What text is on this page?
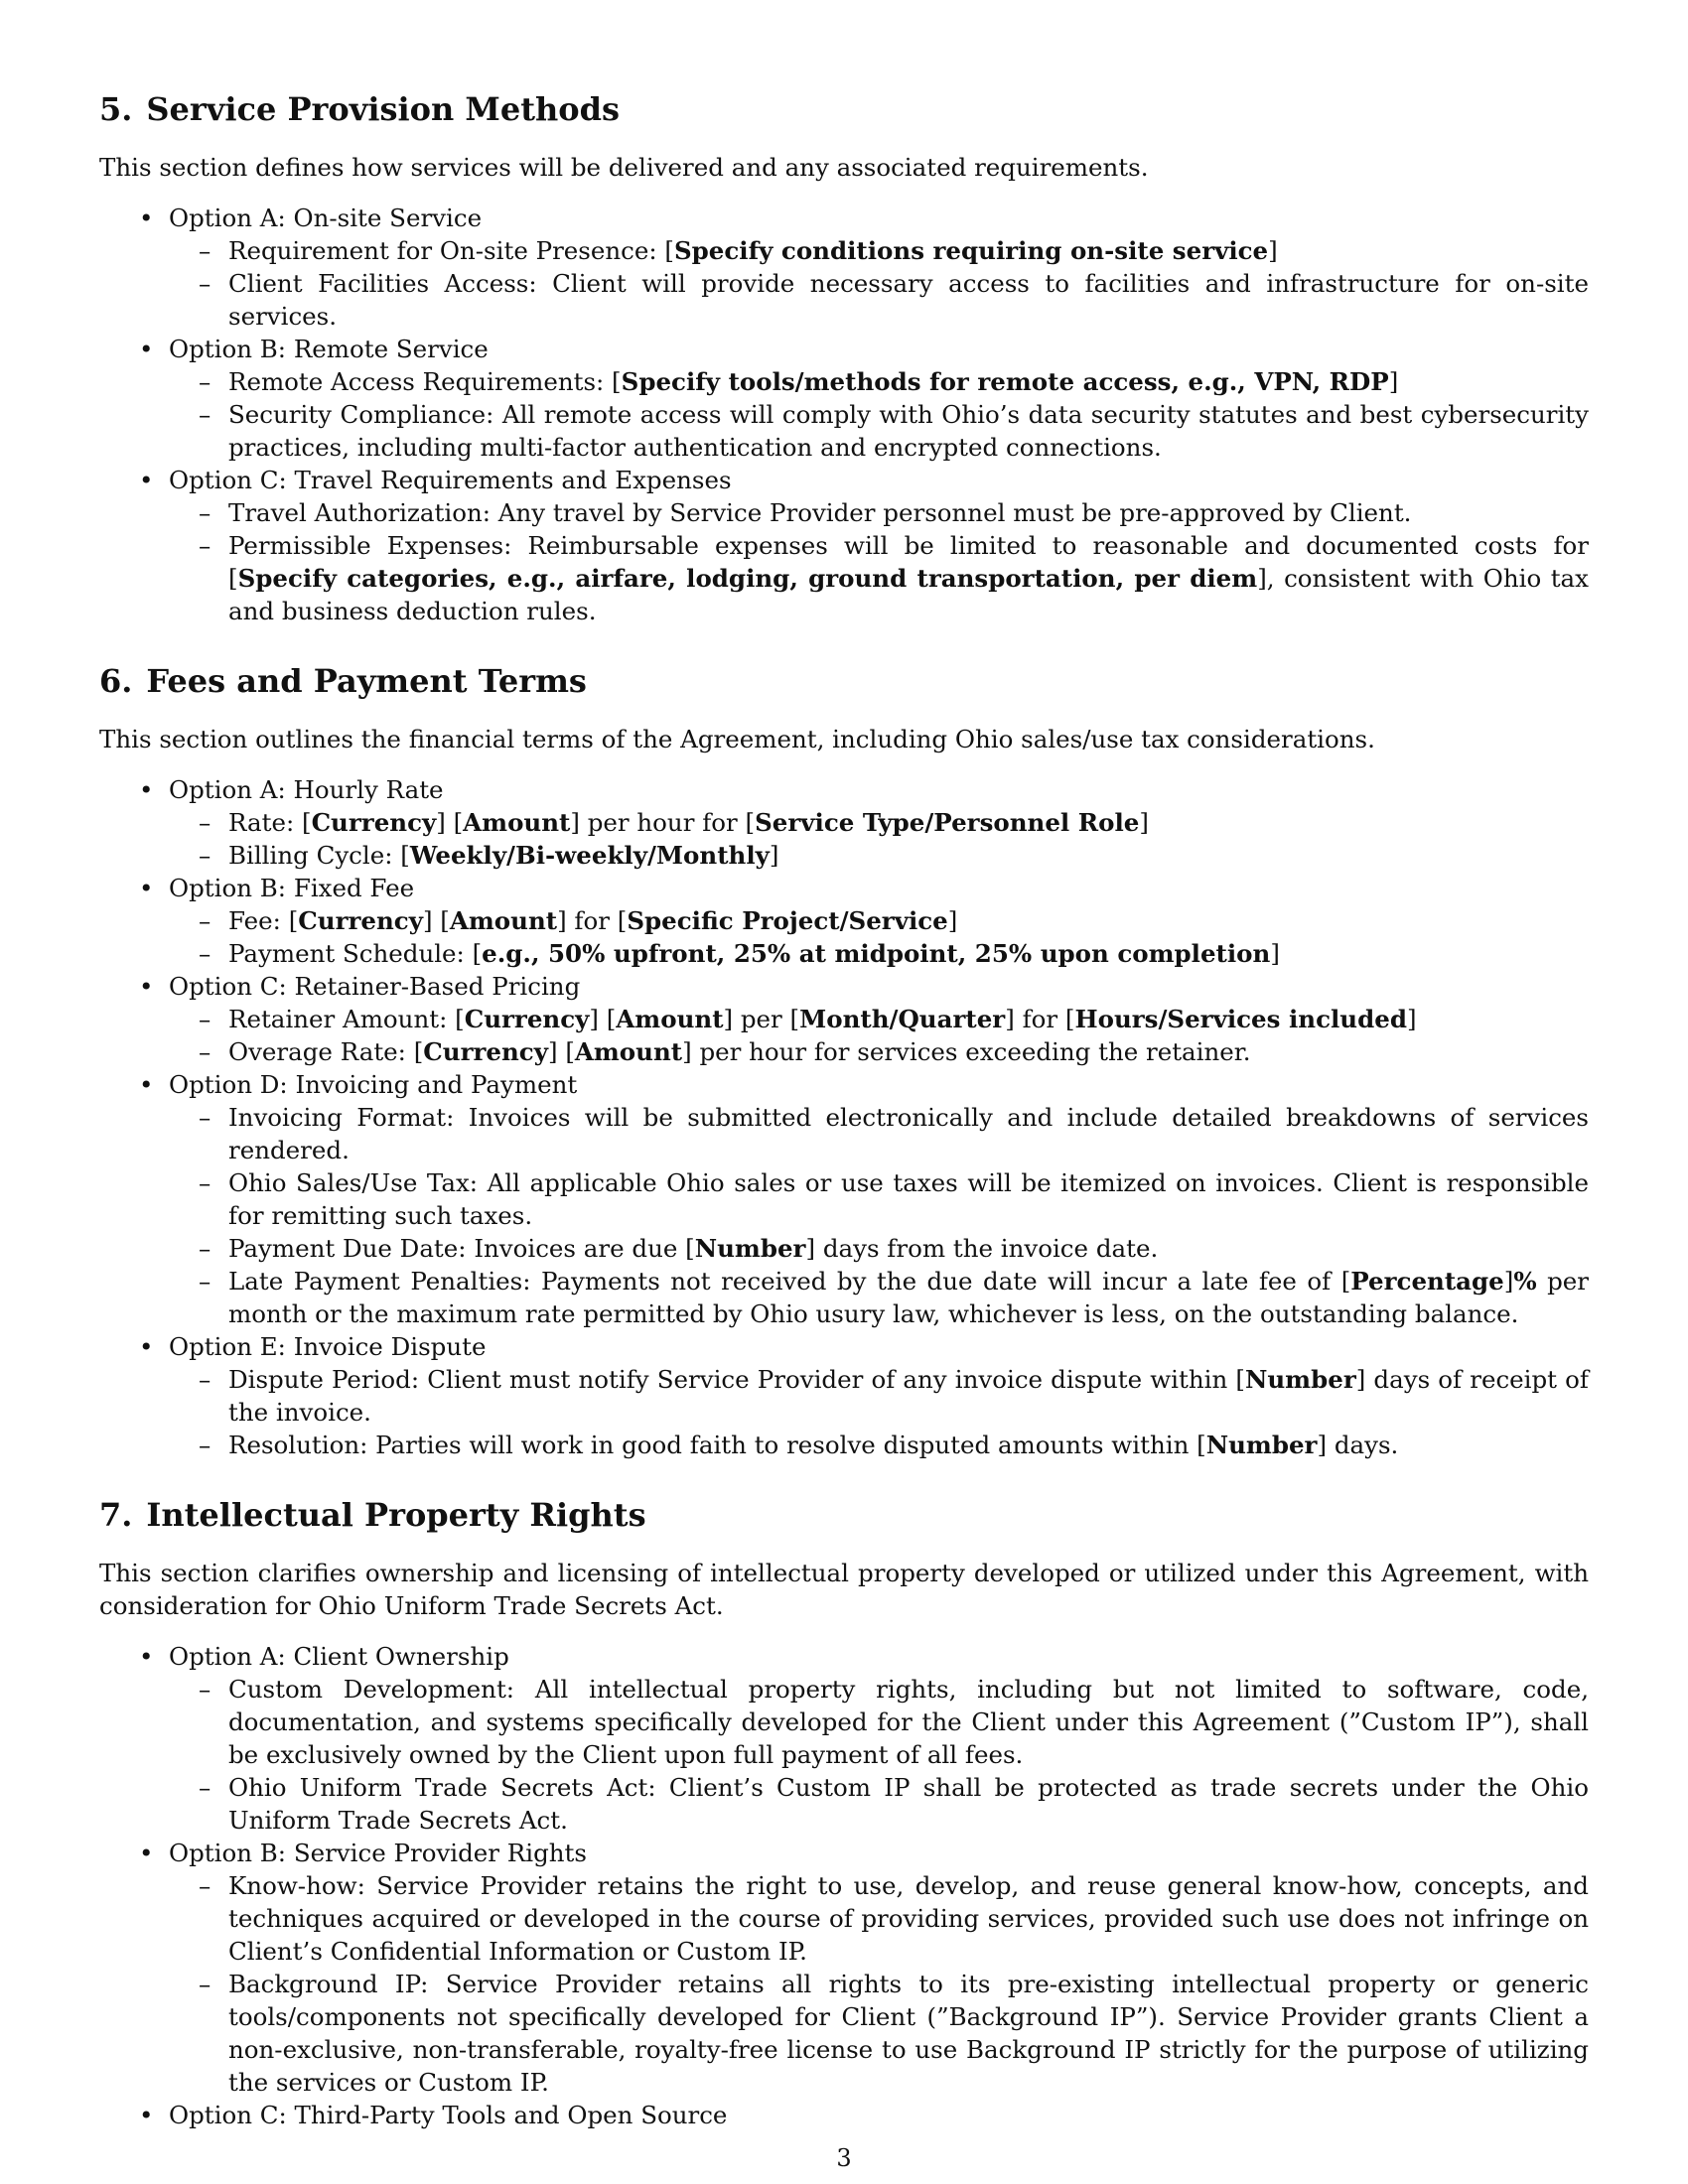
5. Service Provision Methods

This section defines how services will be delivered and any associated requirements.

• Option A: On-site Service
– Requirement for On-site Presence: [Specify conditions requiring on-site service]
– Client Facilities Access: Client will provide necessary access to facilities and infrastructure for on-site services.
• Option B: Remote Service
– Remote Access Requirements: [Specify tools/methods for remote access, e.g., VPN, RDP]
– Security Compliance: All remote access will comply with Ohio’s data security statutes and best cybersecurity practices, including multi-factor authentication and encrypted connections.
• Option C: Travel Requirements and Expenses
– Travel Authorization: Any travel by Service Provider personnel must be pre-approved by Client.
– Permissible Expenses: Reimbursable expenses will be limited to reasonable and documented costs for [Specify categories, e.g., airfare, lodging, ground transportation, per diem], consistent with Ohio tax and business deduction rules.
6. Fees and Payment Terms

This section outlines the financial terms of the Agreement, including Ohio sales/use tax considerations.

• Option A: Hourly Rate
– Rate: [Currency] [Amount] per hour for [Service Type/Personnel Role]
– Billing Cycle: [Weekly/Bi-weekly/Monthly]
• Option B: Fixed Fee
– Fee: [Currency] [Amount] for [Specific Project/Service]
– Payment Schedule: [e.g., 50% upfront, 25% at midpoint, 25% upon completion]
• Option C: Retainer-Based Pricing
– Retainer Amount: [Currency] [Amount] per [Month/Quarter] for [Hours/Services included]
– Overage Rate: [Currency] [Amount] per hour for services exceeding the retainer.
• Option D: Invoicing and Payment
– Invoicing Format: Invoices will be submitted electronically and include detailed breakdowns of services rendered.
– Ohio Sales/Use Tax: All applicable Ohio sales or use taxes will be itemized on invoices. Client is responsible for remitting such taxes.
– Payment Due Date: Invoices are due [Number] days from the invoice date.
– Late Payment Penalties: Payments not received by the due date will incur a late fee of [Percentage]% per month or the maximum rate permitted by Ohio usury law, whichever is less, on the outstanding balance.
• Option E: Invoice Dispute
– Dispute Period: Client must notify Service Provider of any invoice dispute within [Number] days of receipt of the invoice.
– Resolution: Parties will work in good faith to resolve disputed amounts within [Number] days.
7. Intellectual Property Rights

This section clarifies ownership and licensing of intellectual property developed or utilized under this Agreement, with consideration for Ohio Uniform Trade Secrets Act.

• Option A: Client Ownership
– Custom Development: All intellectual property rights, including but not limited to software, code, documentation, and systems specifically developed for the Client under this Agreement (”Custom IP”), shall be exclusively owned by the Client upon full payment of all fees.
– Ohio Uniform Trade Secrets Act: Client’s Custom IP shall be protected as trade secrets under the Ohio Uniform Trade Secrets Act.
• Option B: Service Provider Rights
– Know-how: Service Provider retains the right to use, develop, and reuse general know-how, concepts, and techniques acquired or developed in the course of providing services, provided such use does not infringe on Client’s Confidential Information or Custom IP.
– Background IP: Service Provider retains all rights to its pre-existing intellectual property or generic tools/components not specifically developed for Client (”Background IP”). Service Provider grants Client a non-exclusive, non-transferable, royalty-free license to use Background IP strictly for the purpose of utilizing the services or Custom IP.
• Option C: Third-Party Tools and Open Source
3
